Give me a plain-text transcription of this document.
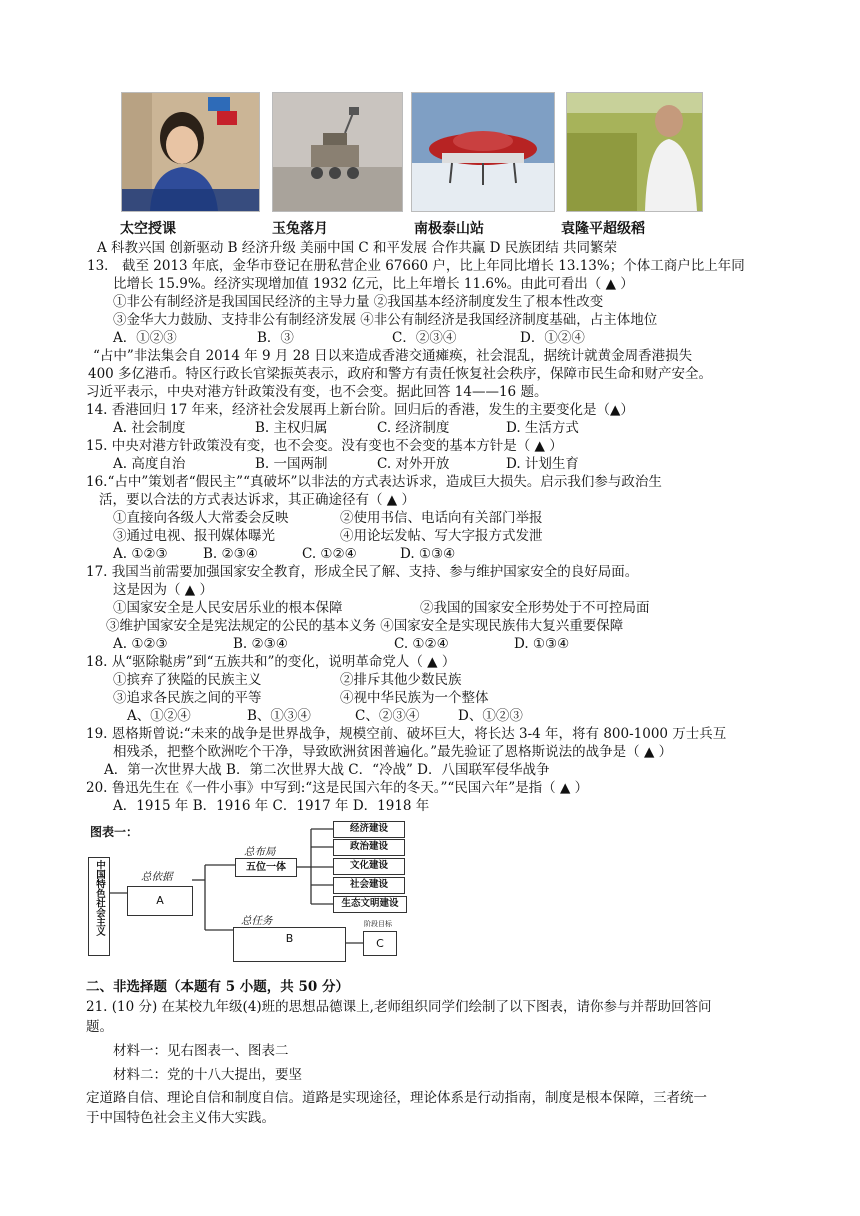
太空授课	玉兔落月	南极泰山站	袁隆平超级稻
A 科教兴国 创新驱动 B 经济升级 美丽中国 C 和平发展 合作共赢 D 民族团结 共同繁荣
13． 截至 2013 年底，金华市登记在册私营企业 67660 户，比上年同比增长 13.13%；个体工商户比上年同
比增长 15.9%。经济实现增加值 1932 亿元，比上年增长 11.6%。由此可看出（ ▲ ）
①非公有制经济是我国国民经济的主导力量 ②我国基本经济制度发生了根本性改变
③金华大力鼓励、支持非公有制经济发展 ④非公有制经济是我国经济制度基础，占主体地位
A．①②③	B．③	C．②③④	D．①②④
“占中”非法集会自 2014 年 9 月 28 日以来造成香港交通瘫痪，社会混乱，据统计就黄金周香港损失
400 多亿港币。特区行政长官梁振英表示，政府和警方有责任恢复社会秩序，保障市民生命和财产安全。
习近平表示，中央对港方针政策没有变，也不会变。据此回答 14——16 题。
14. 香港回归 17 年来，经济社会发展再上新台阶。回归后的香港，发生的主要变化是（▲）
A. 社会制度	B. 主权归属	C. 经济制度	D. 生活方式
15. 中央对港方针政策没有变，也不会变。没有变也不会变的基本方针是（ ▲ ）
A. 高度自治	B. 一国两制	C. 对外开放	D. 计划生育
16.“占中”策划者“假民主”“真破坏”以非法的方式表达诉求，造成巨大损失。启示我们参与政治生
活，要以合法的方式表达诉求，其正确途径有（ ▲ ）
①直接向各级人大常委会反映	②使用书信、电话向有关部门举报
③通过电视、报刊媒体曝光	④用论坛发帖、写大字报方式发泄
A. ①②③	B. ②③④	C. ①②④	D. ①③④
17. 我国当前需要加强国家安全教育，形成全民了解、支持、参与维护国家安全的良好局面。
这是因为（ ▲ ）
①国家安全是人民安居乐业的根本保障	②我国的国家安全形势处于不可控局面
③维护国家安全是宪法规定的公民的基本义务 ④国家安全是实现民族伟大复兴重要保障
A. ①②③	B. ②③④	C. ①②④	D. ①③④
18. 从“驱除鞑虏”到“五族共和”的变化，说明革命党人（ ▲ ）
①摈弃了狭隘的民族主义	②排斥其他少数民族
③追求各民族之间的平等	④视中华民族为一个整体
A、①②④	B、①③④	C、②③④	D、①②③
19. 恩格斯曾说:“未来的战争是世界战争，规模空前、破坏巨大，将长达 3-4 年，将有 800-1000 万士兵互
相残杀，把整个欧洲吃个干净，导致欧洲贫困普遍化。”最先验证了恩格斯说法的战争是（ ▲ ）
A．第一次世界大战 B．第二次世界大战 C．“冷战” D．八国联军侵华战争
20. 鲁迅先生在《一件小事》中写到:“这是民国六年的冬天。”“民国六年”是指（ ▲ ）
A．1915 年 B．1916 年 C．1917 年 D．1918 年
图表一：
中国特色社会主义	总依据
A
总布局
五位一体
总任务
B
阶段目标
C
经济建设
政治建设
文化建设
社会建设
生态文明建设
二、非选择题（本题有 5 小题，共 50 分）
21. (10 分) 在某校九年级(4)班的思想品德课上,老师组织同学们绘制了以下图表，请你参与并帮助回答问
题。
材料一：见右图表一、图表二
材料二：党的十八大提出，要坚
定道路自信、理论自信和制度自信。道路是实现途径，理论体系是行动指南，制度是根本保障，三者统一
于中国特色社会主义伟大实践。
